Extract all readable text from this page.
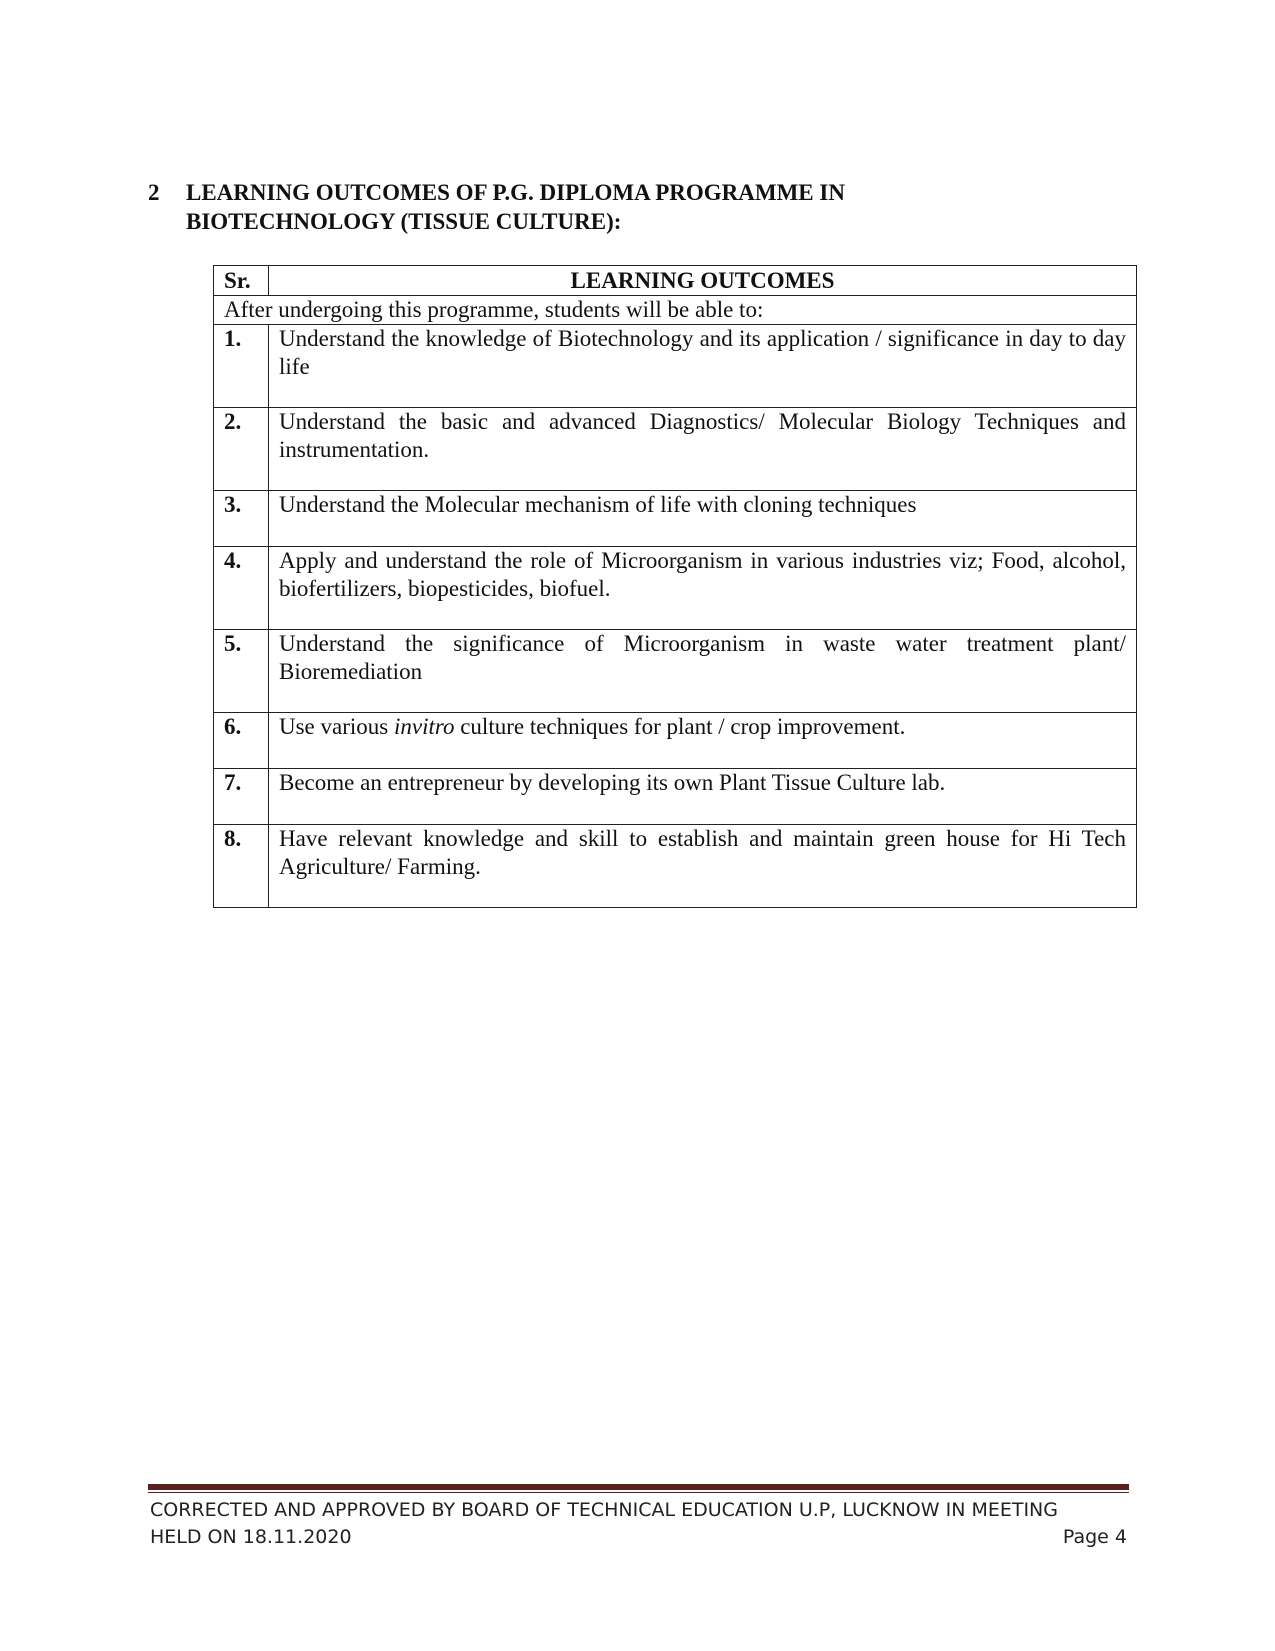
2 LEARNING OUTCOMES OF P.G. DIPLOMA PROGRAMME IN
BIOTECHNOLOGY (TISSUE CULTURE):
Sr.	LEARNING OUTCOMES
After undergoing this programme, students will be able to:	
1.	Understand the knowledge of Biotechnology and its application / significance in day to day life
2.	Understand the basic and advanced Diagnostics/ Molecular Biology Techniques and instrumentation.
3.	Understand the Molecular mechanism of life with cloning techniques
4.	Apply and understand the role of Microorganism in various industries viz; Food, alcohol, biofertilizers, biopesticides, biofuel.
5.	Understand the significance of Microorganism in waste water treatment plant/ Bioremediation
6.	Use various invitro culture techniques for plant / crop improvement.
7.	Become an entrepreneur by developing its own Plant Tissue Culture lab.
8.	Have relevant knowledge and skill to establish and maintain green house for Hi Tech Agriculture/ Farming.
CORRECTED AND APPROVED BY BOARD OF TECHNICAL EDUCATION U.P, LUCKNOW IN MEETING
HELD ON 18.11.2020	Page 4
